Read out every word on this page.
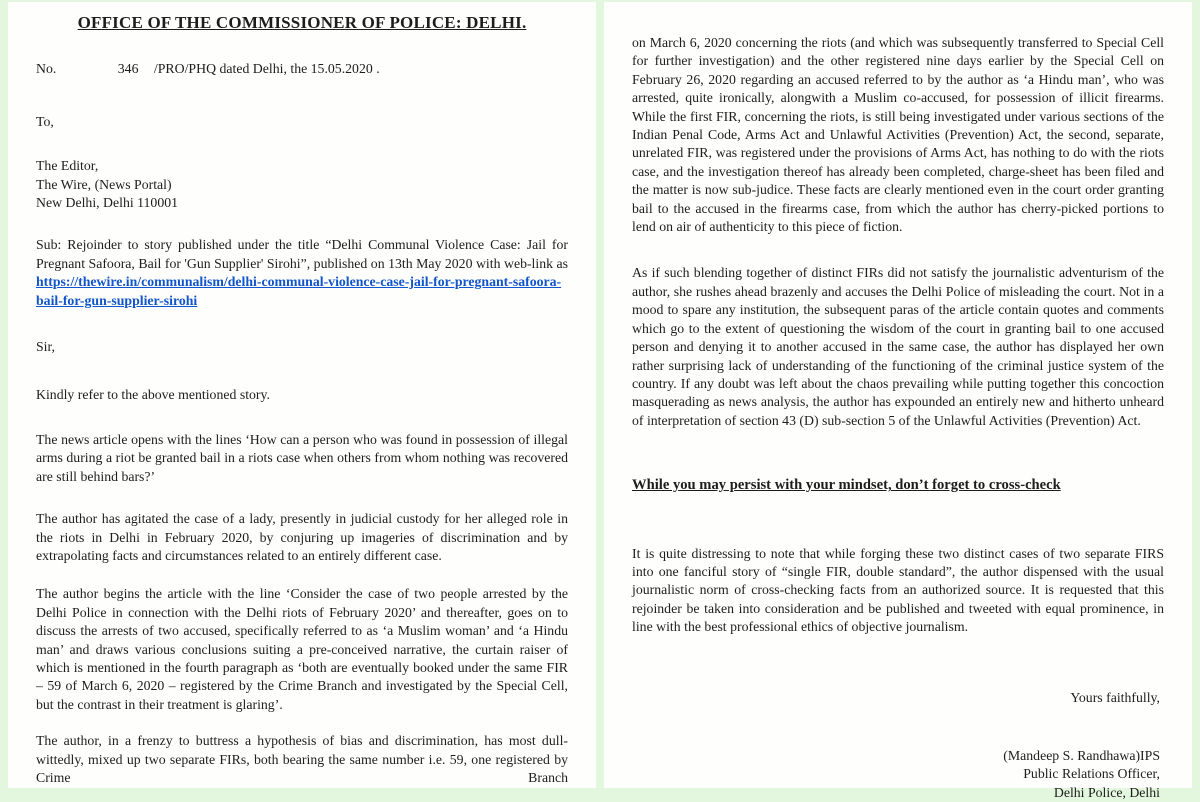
OFFICE OF THE COMMISSIONER OF POLICE: DELHI.
No.	346 /PRO/PHQ dated Delhi, the 15.05.2020 .
To,
The Editor,
The Wire, (News Portal)
New Delhi, Delhi 110001

Sub: Rejoinder to story published under the title “Delhi Communal Violence Case: Jail for Pregnant Safoora, Bail for 'Gun Supplier' Sirohi”, published on 13th May 2020 with web-link as https://thewire.in/communalism/delhi-communal-violence-case-jail-for-pregnant-safoora-bail-for-gun-supplier-sirohi

Sir,

Kindly refer to the above mentioned story.

The news article opens with the lines ‘How can a person who was found in possession of illegal arms during a riot be granted bail in a riots case when others from whom nothing was recovered are still behind bars?’

The author has agitated the case of a lady, presently in judicial custody for her alleged role in the riots in Delhi in February 2020, by conjuring up imageries of discrimination and by extrapolating facts and circumstances related to an entirely different case.

The author begins the article with the line ‘Consider the case of two people arrested by the Delhi Police in connection with the Delhi riots of February 2020’ and thereafter, goes on to discuss the arrests of two accused, specifically referred to as ‘a Muslim woman’ and ‘a Hindu man’ and draws various conclusions suiting a pre-conceived narrative, the curtain raiser of which is mentioned in the fourth paragraph as ‘both are eventually booked under the same FIR – 59 of March 6, 2020 – registered by the Crime Branch and investigated by the Special Cell, but the contrast in their treatment is glaring’.

The author, in a frenzy to buttress a hypothesis of bias and discrimination, has most dull-wittedly, mixed up two separate FIRs, both bearing the same number i.e. 59, one registered by Crime Branch

on March 6, 2020 concerning the riots (and which was subsequently transferred to Special Cell for further investigation) and the other registered nine days earlier by the Special Cell on February 26, 2020 regarding an accused referred to by the author as ‘a Hindu man’, who was arrested, quite ironically, alongwith a Muslim co-accused, for possession of illicit firearms. While the first FIR, concerning the riots, is still being investigated under various sections of the Indian Penal Code, Arms Act and Unlawful Activities (Prevention) Act, the second, separate, unrelated FIR, was registered under the provisions of Arms Act, has nothing to do with the riots case, and the investigation thereof has already been completed, charge-sheet has been filed and the matter is now sub-judice. These facts are clearly mentioned even in the court order granting bail to the accused in the firearms case, from which the author has cherry-picked portions to lend on air of authenticity to this piece of fiction.

As if such blending together of distinct FIRs did not satisfy the journalistic adventurism of the author, she rushes ahead brazenly and accuses the Delhi Police of misleading the court. Not in a mood to spare any institution, the subsequent paras of the article contain quotes and comments which go to the extent of questioning the wisdom of the court in granting bail to one accused person and denying it to another accused in the same case, the author has displayed her own rather surprising lack of understanding of the functioning of the criminal justice system of the country. If any doubt was left about the chaos prevailing while putting together this concoction masquerading as news analysis, the author has expounded an entirely new and hitherto unheard of interpretation of section 43 (D) sub-section 5 of the Unlawful Activities (Prevention) Act.

While you may persist with your mindset, don’t forget to cross-check

It is quite distressing to note that while forging these two distinct cases of two separate FIRS into one fanciful story of “single FIR, double standard”, the author dispensed with the usual journalistic norm of cross-checking facts from an authorized source. It is requested that this rejoinder be taken into consideration and be published and tweeted with equal prominence, in line with the best professional ethics of objective journalism.

Yours faithfully,
(Mandeep S. Randhawa)IPS
Public Relations Officer,
Delhi Police, Delhi
